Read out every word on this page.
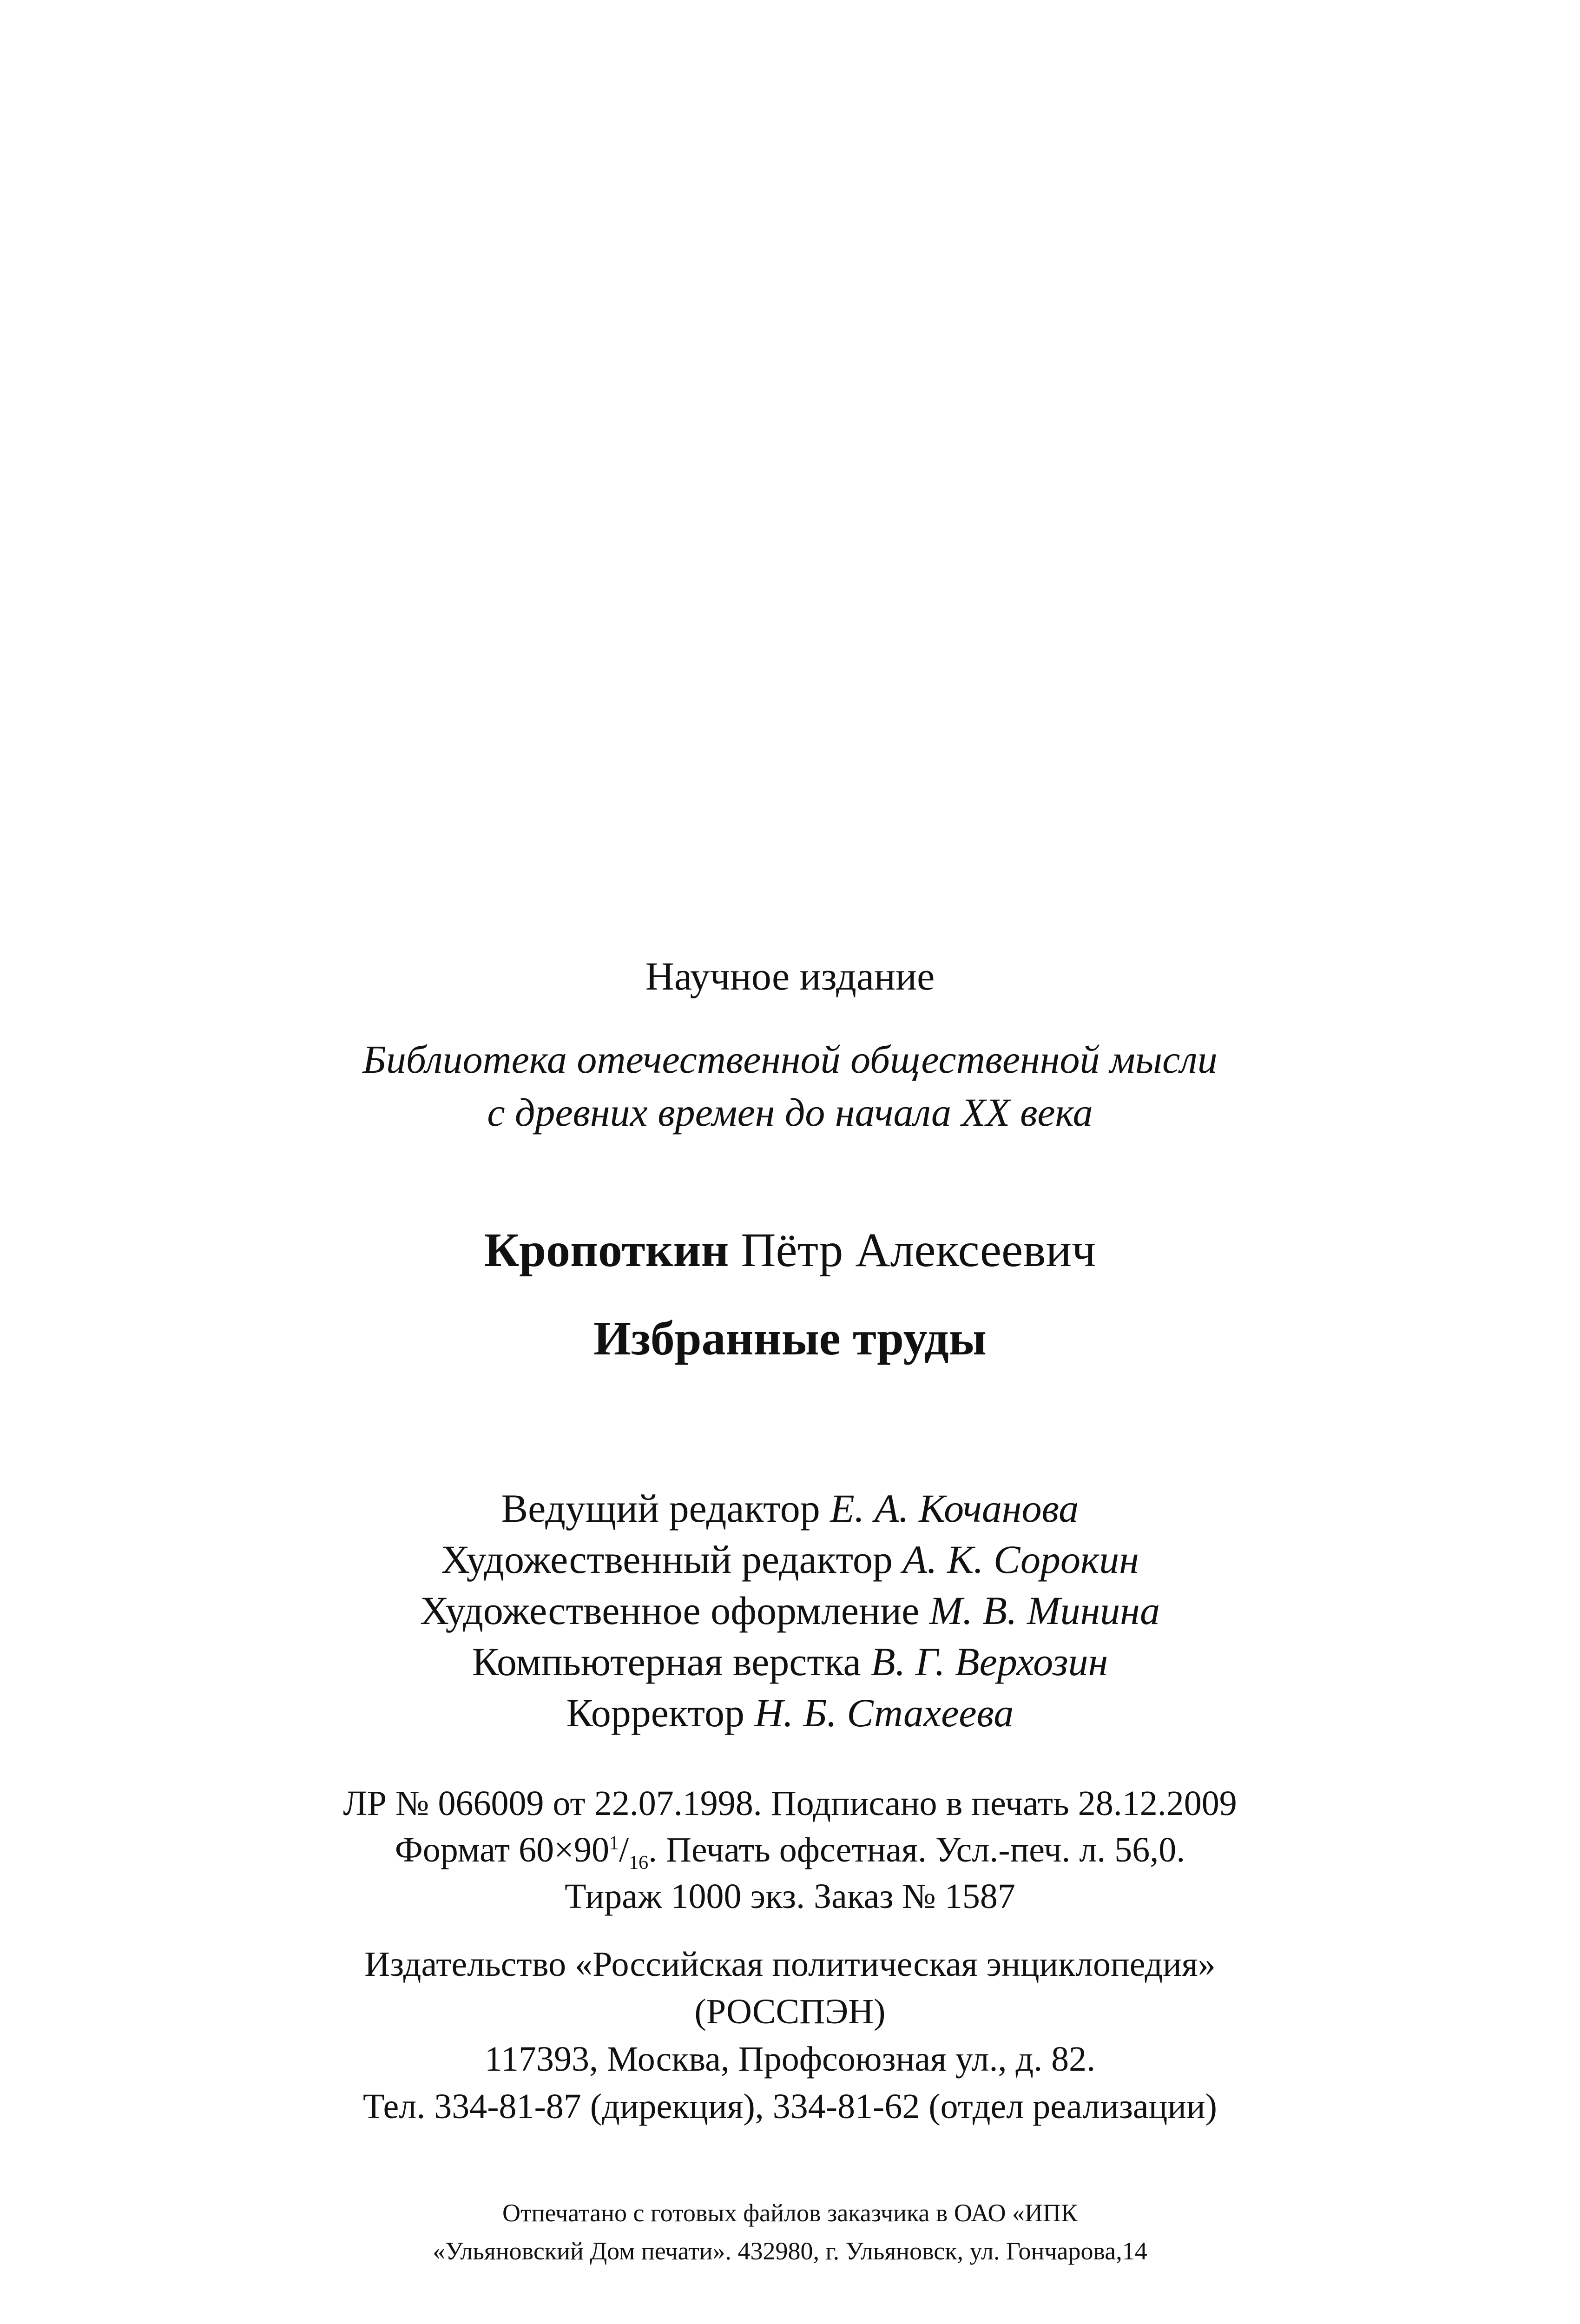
Научное издание
Библиотека отечественной общественной мысли
с древних времен до начала XX века
Кропоткин Пётр Алексеевич
Избранные труды
Ведущий редактор Е. А. Кочанова
Художественный редактор А. К. Сорокин
Художественное оформление М. В. Минина
Компьютерная верстка В. Г. Верхозин
Корректор Н. Б. Стахеева
ЛР № 066009 от 22.07.1998. Подписано в печать 28.12.2009
Формат $60\times 90^1/_{16}$. Печать офсетная. Усл.-печ. л. 56,0.
Тираж 1000 экз. Заказ № 1587
Издательство «Российская политическая энциклопедия»
(РОССПЭН)
117393, Москва, Профсоюзная ул., д. 82.
Тел. 334-81-87 (дирекция), 334-81-62 (отдел реализации)
Отпечатано с готовых файлов заказчика в ОАО «ИПК
«Ульяновский Дом печати». 432980, г. Ульяновск, ул. Гончарова,14
